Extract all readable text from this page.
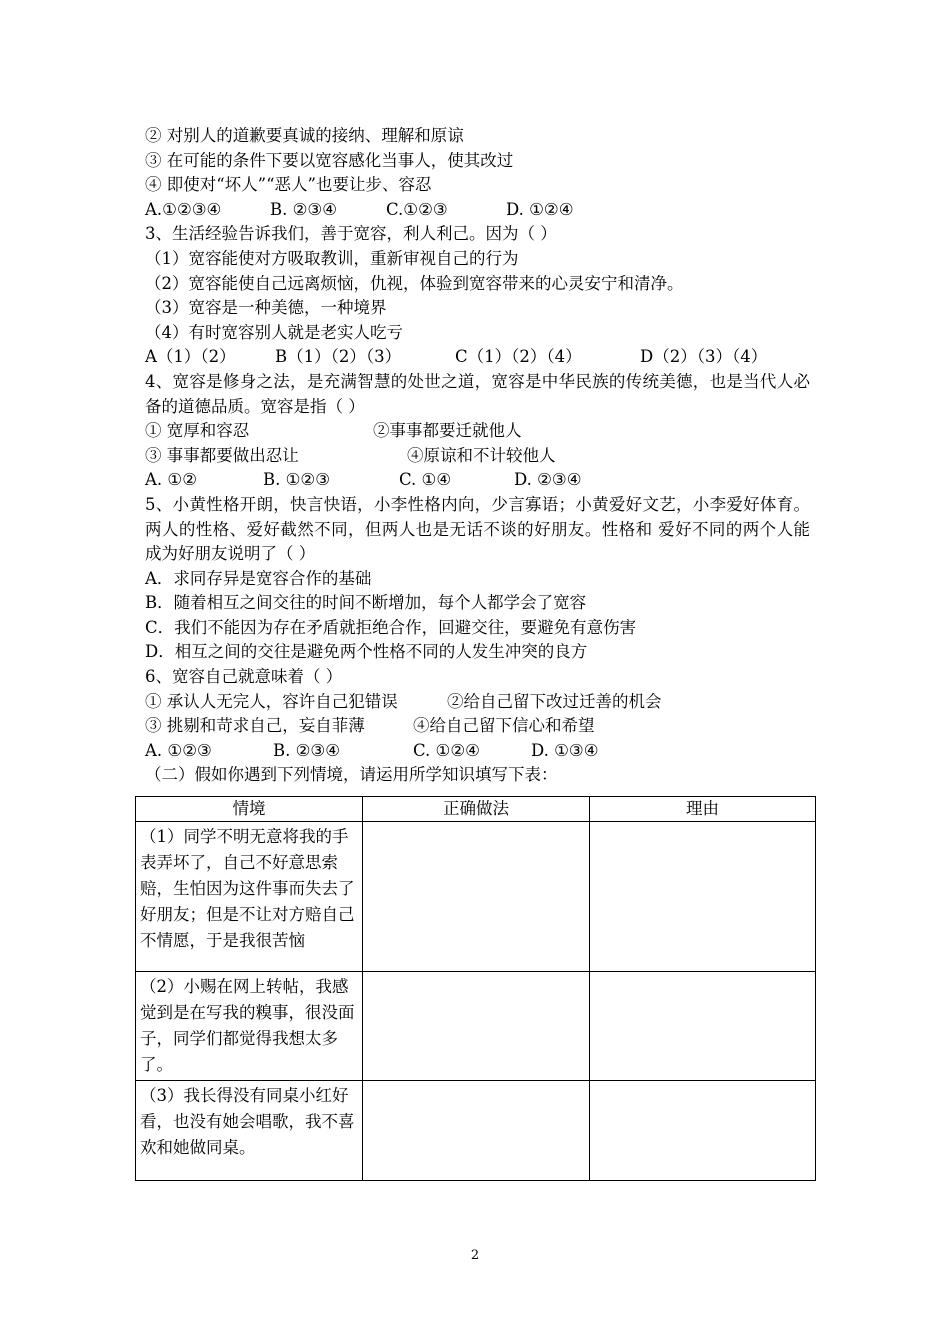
② 对别人的道歉要真诚的接纳、理解和原谅
③ 在可能的条件下要以宽容感化当事人，使其改过
④ 即使对“坏人”“恶人”也要让步、容忍
A.①②③④	B. ②③④	C.①②③	D. ①②④
3、生活经验告诉我们，善于宽容，利人利己。因为（ ）
（1）宽容能使对方吸取教训，重新审视自己的行为
（2）宽容能使自己远离烦恼，仇视，体验到宽容带来的心灵安宁和清净。
（3）宽容是一种美德，一种境界
（4）有时宽容别人就是老实人吃亏
A（1）（2） B（1）（2）（3）	C（1）（2）（4）	D（2）（3）（4）
4、宽容是修身之法，是充满智慧的处世之道，宽容是中华民族的传统美德，也是当代人必备的道德品质。宽容是指（ ）
① 宽厚和容忍	②事事都要迁就他人
③ 事事都要做出忍让	④原谅和不计较他人
A. ①②	B. ①②③	C. ①④	D. ②③④
5、小黄性格开朗，快言快语，小李性格内向，少言寡语；小黄爱好文艺，小李爱好体育。两人的性格、爱好截然不同，但两人也是无话不谈的好朋友。性格和 爱好不同的两个人能成为好朋友说明了（ ）
A．求同存异是宽容合作的基础
B．随着相互之间交往的时间不断增加，每个人都学会了宽容
C．我们不能因为存在矛盾就拒绝合作，回避交往，要避免有意伤害
D．相互之间的交往是避免两个性格不同的人发生冲突的良方
6、宽容自己就意味着（ ）
① 承认人无完人，容许自己犯错误	②给自己留下改过迁善的机会
③ 挑剔和苛求自己，妄自菲薄	④给自己留下信心和希望
A. ①②③	B. ②③④	C. ①②④	D. ①③④
（二）假如你遇到下列情境，请运用所学知识填写下表：
情境	正确做法	理由
（1）同学不明无意将我的手表弄坏了，自己不好意思索赔，生怕因为这件事而失去了好朋友；但是不让对方赔自己不情愿，于是我很苦恼		
（2）小赐在网上转帖，我感觉到是在写我的糗事，很没面子，同学们都觉得我想太多了。		
（3）我长得没有同桌小红好看，也没有她会唱歌，我不喜欢和她做同桌。		
2
